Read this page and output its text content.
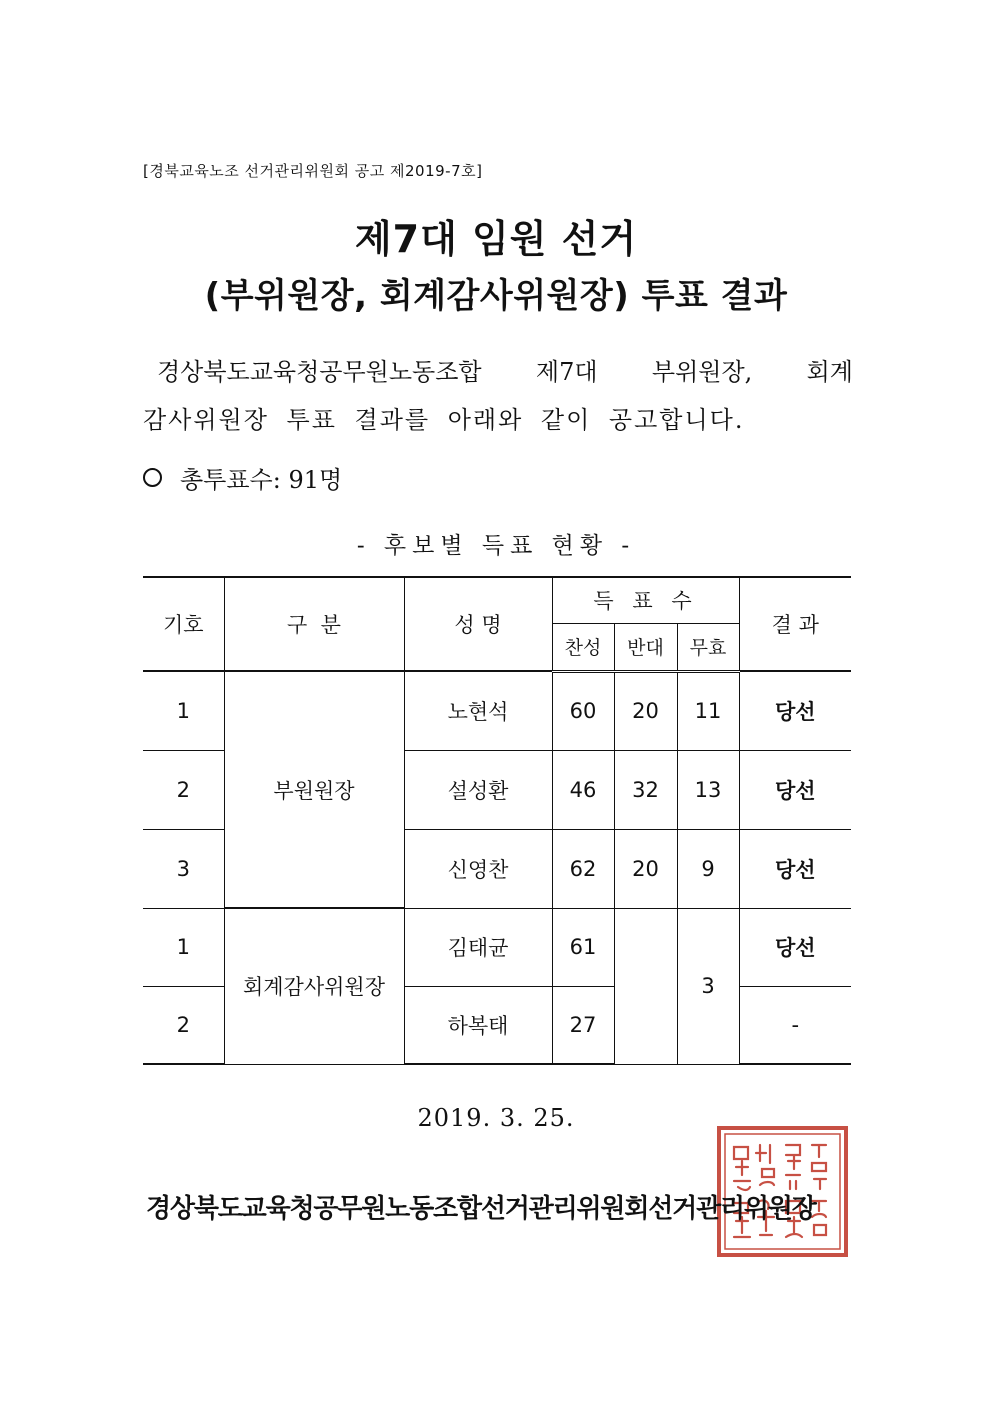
[경북교육노조 선거관리위원회 공고 제2019-7호]
제7대 임원 선거
(부위원장, 회계감사위원장) 투표 결과
경상북도교육청공무원노동조합 제7대 부위원장, 회계
감사위원장 투표 결과를 아래와 같이 공고합니다.
총투표수: 91명
- 후보별 득표 현황 -
기호	구  분	성 명	득 표 수			결 과
			찬성	반대	무효	
1	부원원장	노현석	60	20	11	당선
2		설성환	46	32	13	당선
3		신영찬	62	20	9	당선
1	회계감사위원장	김태균	61		3	당선
2		하복태	27			-
2019. 3. 25.
경상북도교육청공무원노동조합선거관리위원회선거관리위원장
